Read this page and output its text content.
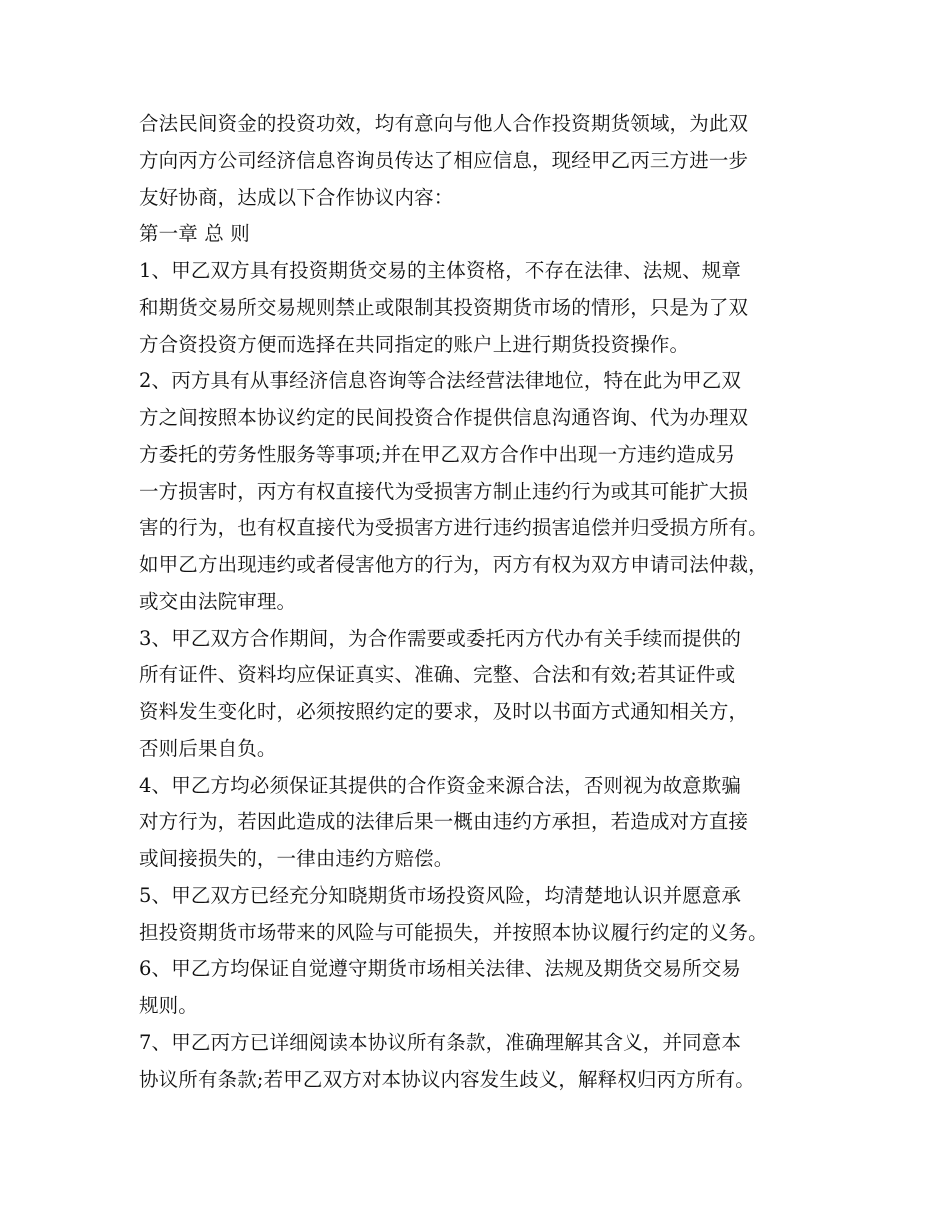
合法民间资金的投资功效，均有意向与他人合作投资期货领域，为此双
方向丙方公司经济信息咨询员传达了相应信息，现经甲乙丙三方进一步
友好协商，达成以下合作协议内容：
第一章 总 则
1、甲乙双方具有投资期货交易的主体资格，不存在法律、法规、规章
和期货交易所交易规则禁止或限制其投资期货市场的情形，只是为了双
方合资投资方便而选择在共同指定的账户上进行期货投资操作。
2、丙方具有从事经济信息咨询等合法经营法律地位，特在此为甲乙双
方之间按照本协议约定的民间投资合作提供信息沟通咨询、代为办理双
方委托的劳务性服务等事项;并在甲乙双方合作中出现一方违约造成另
一方损害时，丙方有权直接代为受损害方制止违约行为或其可能扩大损
害的行为，也有权直接代为受损害方进行违约损害追偿并归受损方所有。
如甲乙方出现违约或者侵害他方的行为，丙方有权为双方申请司法仲裁，
或交由法院审理。
3、甲乙双方合作期间，为合作需要或委托丙方代办有关手续而提供的
所有证件、资料均应保证真实、准确、完整、合法和有效;若其证件或
资料发生变化时，必须按照约定的要求，及时以书面方式通知相关方，
否则后果自负。
4、甲乙方均必须保证其提供的合作资金来源合法，否则视为故意欺骗
对方行为，若因此造成的法律后果一概由违约方承担，若造成对方直接
或间接损失的，一律由违约方赔偿。
5、甲乙双方已经充分知晓期货市场投资风险，均清楚地认识并愿意承
担投资期货市场带来的风险与可能损失，并按照本协议履行约定的义务。
6、甲乙方均保证自觉遵守期货市场相关法律、法规及期货交易所交易
规则。
7、甲乙丙方已详细阅读本协议所有条款，准确理解其含义，并同意本
协议所有条款;若甲乙双方对本协议内容发生歧义，解释权归丙方所有。
